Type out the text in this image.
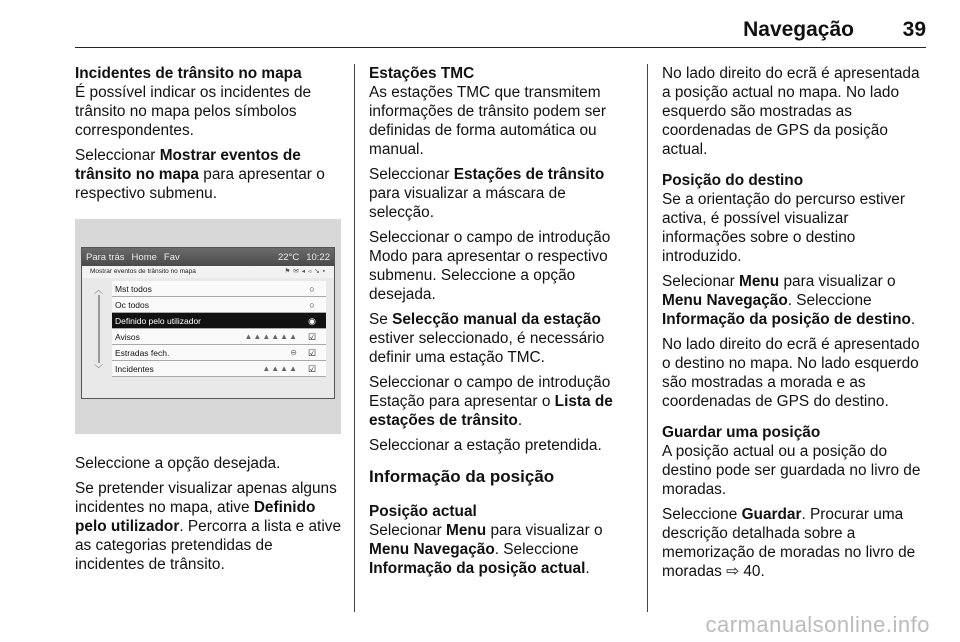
Navegação 39

Incidentes de trânsito no mapa
É possível indicar os incidentes de trânsito no mapa pelos símbolos correspondentes.

Seleccionar Mostrar eventos de trânsito no mapa para apresentar o respectivo submenu.

Para trás Home Fav	22°C 10:22
Mostrar eventos de trânsito no mapa	⚑✉◂◃↘▪
︿
﹀
Mst todos	○
Oc todos	○
Definido pelo utilizador	◉
Avisos	▲▲▲▲▲▲ ☑
Estradas fech.	⊖ ☑
Incidentes	▲▲▲▲ ☑

Seleccione a opção desejada.

Se pretender visualizar apenas alguns incidentes no mapa, ative Definido pelo utilizador. Percorra a lista e ative as categorias pretendidas de incidentes de trânsito.

Estações TMC
As estações TMC que transmitem informações de trânsito podem ser definidas de forma automática ou manual.

Seleccionar Estações de trânsito para visualizar a máscara de selecção.

Seleccionar o campo de introdução Modo para apresentar o respectivo submenu. Seleccione a opção desejada.

Se Selecção manual da estação estiver seleccionado, é necessário definir uma estação TMC.

Seleccionar o campo de introdução Estação para apresentar o Lista de estações de trânsito.

Seleccionar a estação pretendida.

Informação da posição

Posição actual
Selecionar Menu para visualizar o Menu Navegação. Seleccione Informação da posição actual.

No lado direito do ecrã é apresentada a posição actual no mapa. No lado esquerdo são mostradas as coordenadas de GPS da posição actual.

Posição do destino
Se a orientação do percurso estiver activa, é possível visualizar informações sobre o destino introduzido.

Selecionar Menu para visualizar o Menu Navegação. Seleccione Informação da posição de destino.

No lado direito do ecrã é apresentado o destino no mapa. No lado esquerdo são mostradas a morada e as coordenadas de GPS do destino.

Guardar uma posição
A posição actual ou a posição do destino pode ser guardada no livro de moradas.

Seleccione Guardar. Procurar uma descrição detalhada sobre a memorização de moradas no livro de moradas ⇨ 40.

carmanualsonline.info
